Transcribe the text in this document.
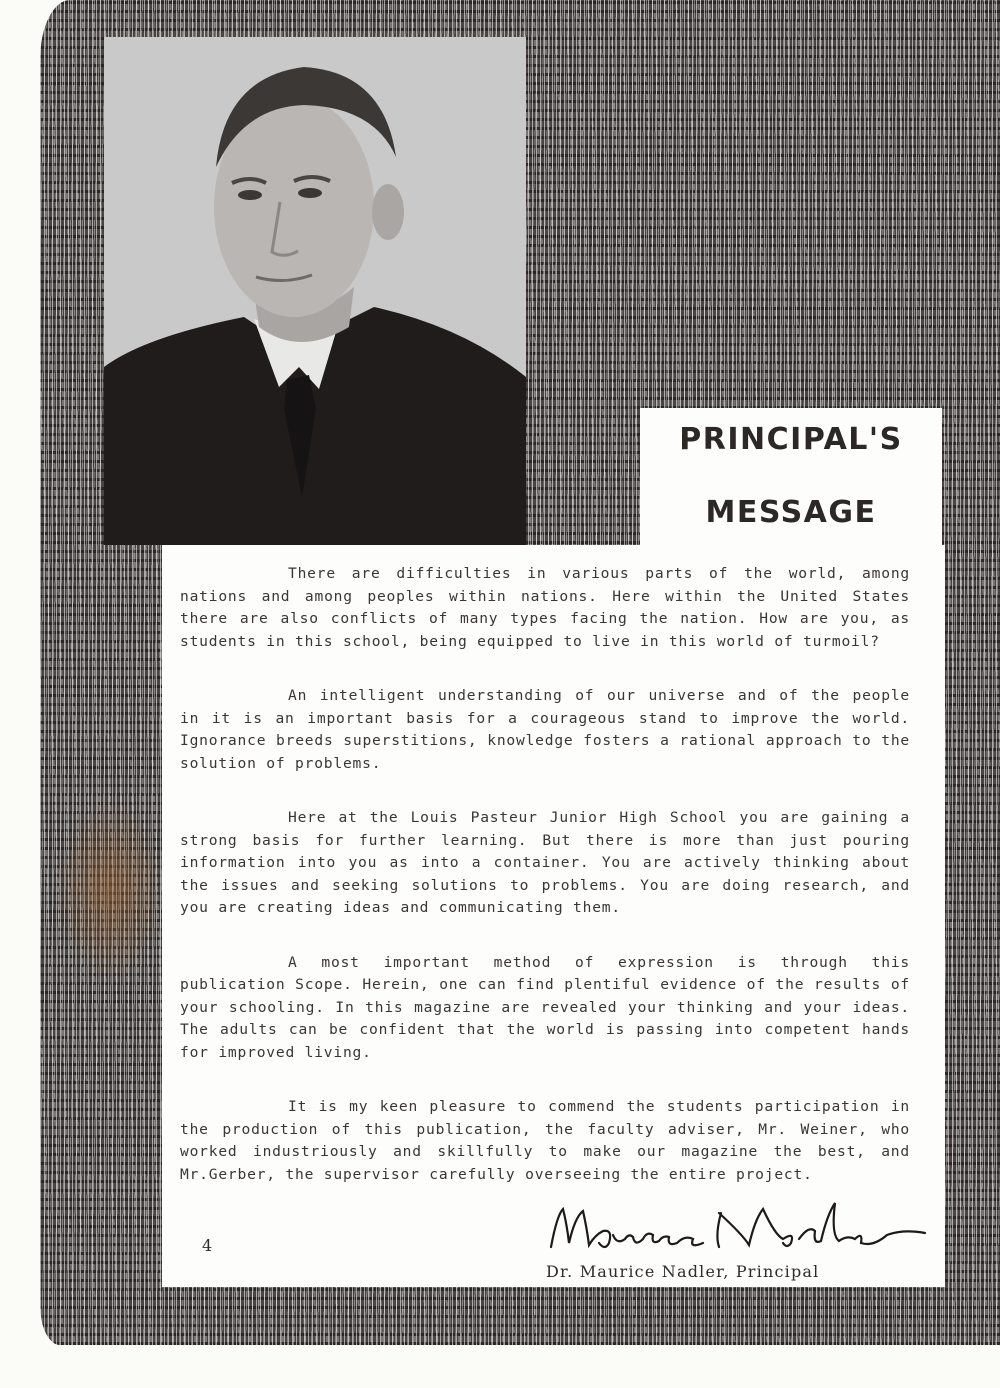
PRINCIPAL'S
MESSAGE

There are difficulties in various parts of the world, among nations and among peoples within nations. Here within the United States there are also conflicts of many types facing the nation. How are you, as students in this school, being equipped to live in this world of turmoil?

An intelligent understanding of our universe and of the people in it is an important basis for a courageous stand to improve the world. Ignorance breeds superstitions, knowledge fosters a rational approach to the solution of problems.

Here at the Louis Pasteur Junior High School you are gaining a strong basis for further learning. But there is more than just pouring information into you as into a container. You are actively thinking about the issues and seeking solutions to problems. You are doing research, and you are creating ideas and communicating them.

A most important method of expression is through this publication Scope. Herein, one can find plentiful evidence of the results of your schooling. In this magazine are revealed your thinking and your ideas. The adults can be confident that the world is passing into competent hands for improved living.

It is my keen pleasure to commend the students participation in the production of this publication, the faculty adviser, Mr. Weiner, who worked industriously and skillfully to make our magazine the best, and Mr.Gerber, the supervisor carefully overseeing the entire project.

4
Dr. Maurice Nadler, Principal
